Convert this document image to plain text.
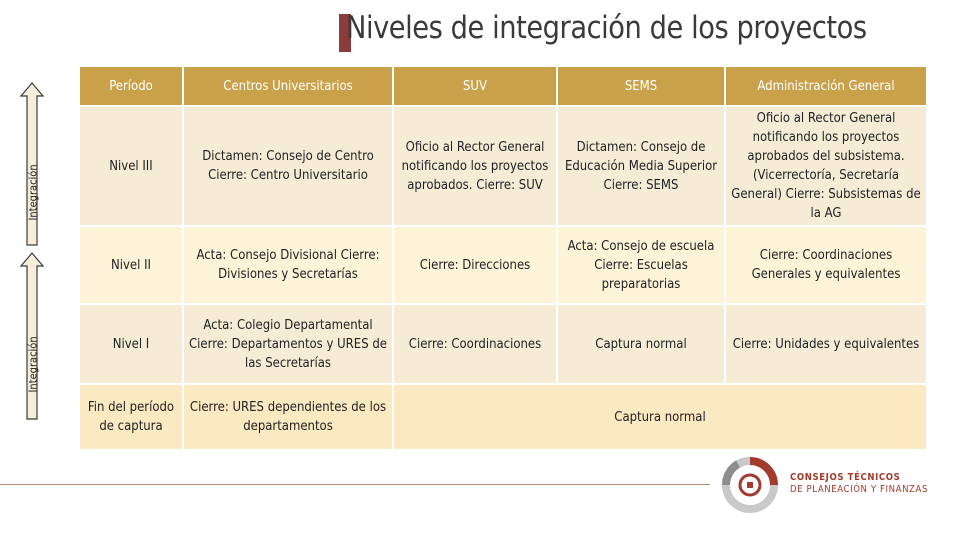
Niveles de integración de los proyectos
Integración
Integración
Período	Centros Universitarios	SUV	SEMS	Administración General
Nivel III	Dictamen: Consejo de Centro Cierre: Centro Universitario	Oficio al Rector General notificando los proyectos aprobados. Cierre: SUV	Dictamen: Consejo de Educación Media Superior Cierre: SEMS	Oficio al Rector General notificando los proyectos aprobados del subsistema. (Vicerrectoría, Secretaría General) Cierre: Subsistemas de la AG
Nivel II	Acta: Consejo Divisional Cierre: Divisiones y Secretarías	Cierre: Direcciones	Acta: Consejo de escuela Cierre: Escuelas preparatorias	Cierre: Coordinaciones Generales y equivalentes
Nivel I	Acta: Colegio Departamental Cierre: Departamentos y URES de las Secretarías	Cierre: Coordinaciones	Captura normal	Cierre: Unidades y equivalentes
Fin del período de captura	Cierre: URES dependientes de los departamentos	Captura normal		
CONSEJOS TÉCNICOS
DE PLANEACIÓN Y FINANZAS
